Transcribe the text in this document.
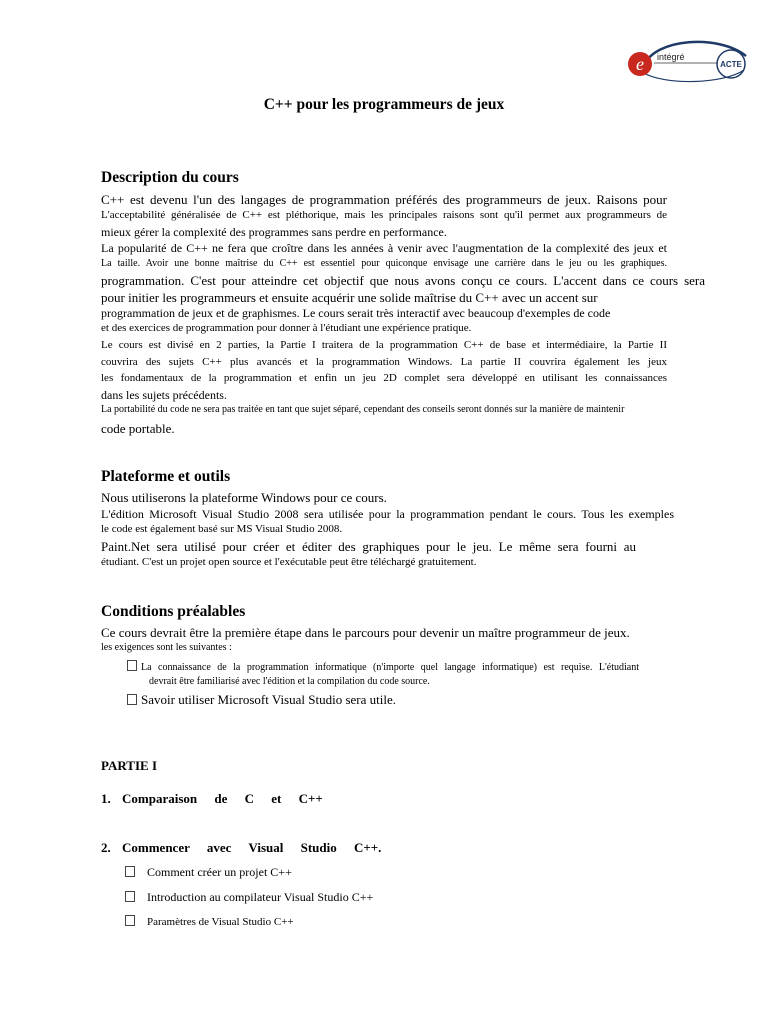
e intégré
ACTE
C++ pour les programmeurs de jeux
Description du cours
C++ est devenu l'un des langages de programmation préférés des programmeurs de jeux. Raisons pour
L'acceptabilité généralisée de C++ est pléthorique, mais les principales raisons sont qu'il permet aux programmeurs de
mieux gérer la complexité des programmes sans perdre en performance.
La popularité de C++ ne fera que croître dans les années à venir avec l'augmentation de la complexité des jeux et
La taille. Avoir une bonne maîtrise du C++ est essentiel pour quiconque envisage une carrière dans le jeu ou les graphiques.
programmation. C'est pour atteindre cet objectif que nous avons conçu ce cours. L'accent dans ce cours sera
pour initier les programmeurs et ensuite acquérir une solide maîtrise du C++ avec un accent sur
programmation de jeux et de graphismes. Le cours serait très interactif avec beaucoup d'exemples de code
et des exercices de programmation pour donner à l'étudiant une expérience pratique.
Le cours est divisé en 2 parties, la Partie I traitera de la programmation C++ de base et intermédiaire, la Partie II
couvrira des sujets C++ plus avancés et la programmation Windows. La partie II couvrira également les jeux
les fondamentaux de la programmation et enfin un jeu 2D complet sera développé en utilisant les connaissances
dans les sujets précédents.
La portabilité du code ne sera pas traitée en tant que sujet séparé, cependant des conseils seront donnés sur la manière de maintenir
code portable.
Plateforme et outils
Nous utiliserons la plateforme Windows pour ce cours.
L'édition Microsoft Visual Studio 2008 sera utilisée pour la programmation pendant le cours. Tous les exemples
le code est également basé sur MS Visual Studio 2008.
Paint.Net sera utilisé pour créer et éditer des graphiques pour le jeu. Le même sera fourni au
étudiant. C'est un projet open source et l'exécutable peut être téléchargé gratuitement.
Conditions préalables
Ce cours devrait être la première étape dans le parcours pour devenir un maître programmeur de jeux.
les exigences sont les suivantes :
La connaissance de la programmation informatique (n'importe quel langage informatique) est requise. L'étudiant
devrait être familiarisé avec l'édition et la compilation du code source.
Savoir utiliser Microsoft Visual Studio sera utile.
PARTIE I
1. Comparaison de C et C++
2. Commencer avec Visual Studio C++.
Comment créer un projet C++
Introduction au compilateur Visual Studio C++
Paramètres de Visual Studio C++
